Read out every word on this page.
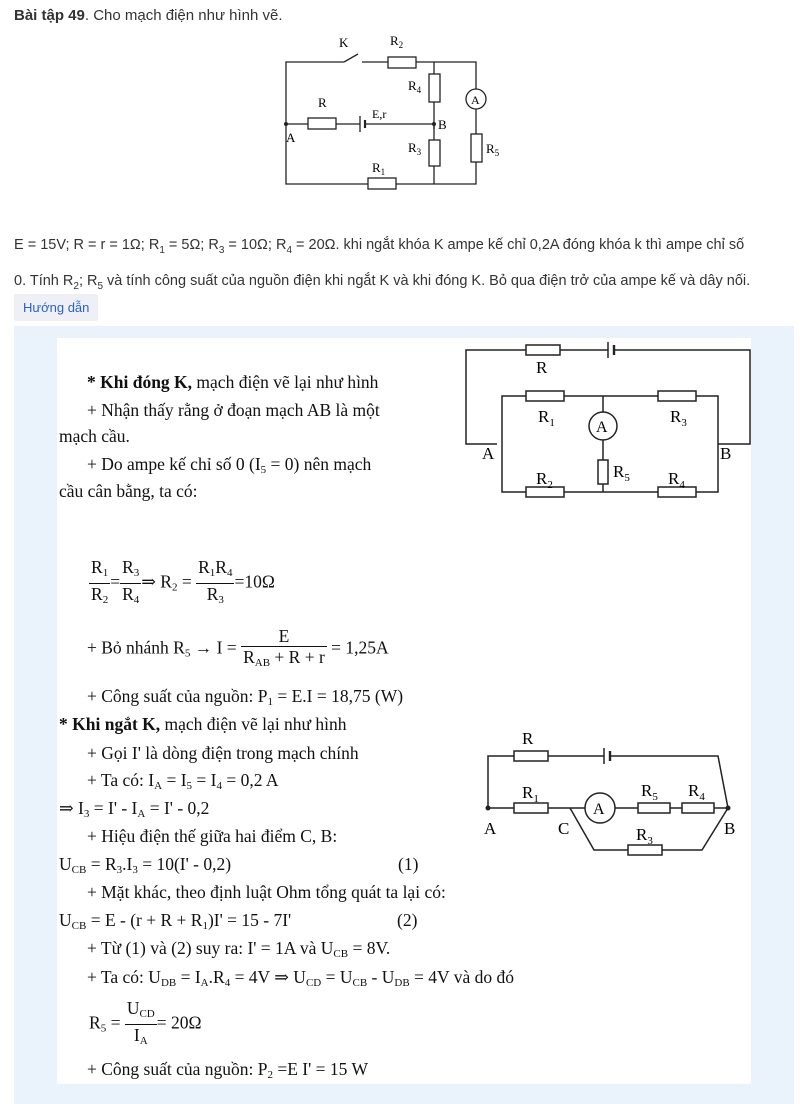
Bài tập 49. Cho mạch điện như hình vẽ.
K	$R_2$
$R_4$
A
R
E,r
A
B
$R_3$	$R_5$
$R_1$
E = 15V; R = r = 1Ω; $R_1 = 5\Omega$; $R_3 = 10\Omega$; $R_4 = 20\Omega$. khi ngắt khóa K ampe kế chỉ 0,2A đóng khóa k thì ampe chỉ số
0. Tính $R_2$; $R_5$ và tính công suất của nguồn điện khi ngắt K và khi đóng K. Bỏ qua điện trở của ampe kế và dây nối.
Hướng dẫn
* Khi đóng K, mạch điện vẽ lại như hình
+ Nhận thấy rằng ở đoạn mạch AB là một
mạch cầu.
+ Do ampe kế chỉ số 0 $(I_5 = 0)$ nên mạch
cầu cân bằng, ta có:
$\frac{R_1}{R_2} = \frac{R_3}{R_4}$ ⇒ $R_2 = \frac{R_1R_4}{R_3} =10\Omega$
+ Bỏ nhánh $R_5 \to I = \frac{E}{R_{AB} + R + r} = 1,25A$
+ Công suất của nguồn: $P_1 = E.I = 18,75$ (W)
* Khi ngắt K, mạch điện vẽ lại như hình
+ Gọi I' là dòng điện trong mạch chính
+ Ta có: $I_A = I_5 = I_4 = 0,2$ A
⇒ $I_3 = I' - I_A = I' - 0,2$
+ Hiệu điện thế giữa hai điểm C, B:
$U_{CB} = R_3.I_3 = 10(I' - 0,2)$	(1)
+ Mặt khác, theo định luật Ohm tổng quát ta lại có:
$U_{CB} = E - (r + R + R_1)I' = 15 - 7I'$	(2)
+ Từ (1) và (2) suy ra: I' = 1A và $U_{CB} = 8V$.
+ Ta có: $U_{DB} = I_A.R_4 = 4V$ ⇒ $U_{CD} = U_{CB} - U_{DB} = 4V$ và do đó
$R_5 = \frac{U_{CD}}{I_A} = 20\Omega$
+ Công suất của nguồn: $P_2 =E$ I' = 15 W
R
$R_1$	A
$R_3$
A	B
$R_5$
$R_2$	$R_4$
R
$R_1$
A
$R_5$ $R_4$
A	C	$R_3$
B
